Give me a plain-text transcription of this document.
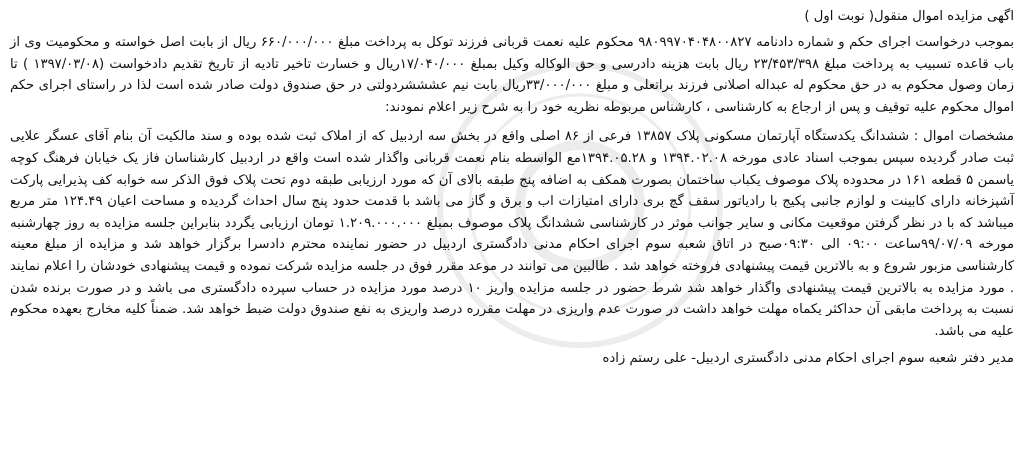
اگهی مزایده اموال منقول( نوبت اول )

بموجب درخواست اجرای حکم و شماره دادنامه ۹۸۰۹۹۷۰۴۰۴۸۰۰۸۲۷ محکوم علیه نعمت قربانی فرزند توکل به پرداخت مبلغ ۶۶۰/۰۰۰/۰۰۰ ریال از بابت اصل خواسته و محکومیت وی از باب قاعده تسبیب به پرداخت مبلغ ۲۳/۴۵۳/۳۹۸ ریال بابت هزینه دادرسی و حق الوکاله وکیل بمبلغ ۱۷/۰۴۰/۰۰۰ریال و خسارت تاخیر تادیه از تاریخ تقدیم دادخواست (۱۳۹۷/۰۳/۰۸ ) تا زمان وصول محکوم به در حق محکوم له عبداله اصلانی فرزند براتعلی و مبلغ ۳۳/۰۰۰/۰۰۰ریال بابت نیم عشششردولتی در حق صندوق دولت صادر شده است لذا در راستای اجرای حکم اموال محکوم علیه توقیف و پس از ارجاع به کارشناسی ، کارشناس مربوطه نظریه خود را به شرح زیر اعلام نمودند:

مشخصات اموال : ششدانگ یکدستگاه آپارتمان مسکونی پلاک ۱۳۸۵۷ فرعی از ۸۶ اصلی واقع در بخش سه اردبیل که از املاک ثبت شده بوده و سند مالکیت آن بنام آقای عسگر علایی ثبت صادر گردیده سپس بموجب اسناد عادی مورخه ۱۳۹۴.۰۲.۰۸ و ۱۳۹۴.۰۵.۲۸مع الواسطه بنام نعمت قربانی واگذار شده است واقع در اردبیل کارشناسان فاز یک خیابان فرهنگ کوچه یاسمن ۵ قطعه ۱۶۱ در محدوده پلاک موصوف یکباب ساختمان بصورت همکف به اضافه پنج طبقه بالای آن که مورد ارزیابی طبقه دوم تحت پلاک فوق الذکر سه خوابه کف پذیرایی پارکت آشپزخانه دارای کابینت و لوازم جانبی پکیج با رادیاتور سقف گچ بری دارای امتیازات اب و برق و گاز می باشد با قدمت حدود پنج سال احداث گردیده و مساحت اعیان ۱۲۴.۴۹ متر مربع میباشد که با در نظر گرفتن موقعیت مکانی و سایر جوانب موثر در کارشناسی ششدانگ پلاک موصوف بمبلغ ۱.۲۰۹.۰۰۰.۰۰۰ تومان ارزیابی یگردد بنابراین جلسه مزایده به روز چهارشنبه مورخه ۹۹/۰۷/۰۹ساعت ۰۹:۰۰ الی ۰۹:۳۰صبح در اتاق شعبه سوم اجرای احکام مدنی دادگستری اردبیل در حضور نماینده محترم دادسرا برگزار خواهد شد و مزایده از مبلغ معینه کارشناسی مزبور شروع و به بالاترین قیمت پیشنهادی فروخته خواهد شد . طالبین می توانند در موعد مقرر فوق در جلسه مزایده شرکت نموده و قیمت پیشنهادی خودشان را اعلام نمایند . مورد مزایده به بالاترین قیمت پیشنهادی واگذار خواهد شد شرط حضور در جلسه مزایده واریز ۱۰ درصد مورد مزایده در حساب سپرده دادگستری می باشد و در صورت برنده شدن نسبت به پرداخت مابقی آن حداکثر یکماه مهلت خواهد داشت در صورت عدم واریزی در مهلت مقرره درصد واریزی به نفع صندوق دولت ضبط خواهد شد. ضمناً کلیه مخارج بعهده محکوم علیه می باشد.

مدیر دفتر شعبه سوم اجرای احکام مدنی دادگستری اردبیل- علی رستم زاده
